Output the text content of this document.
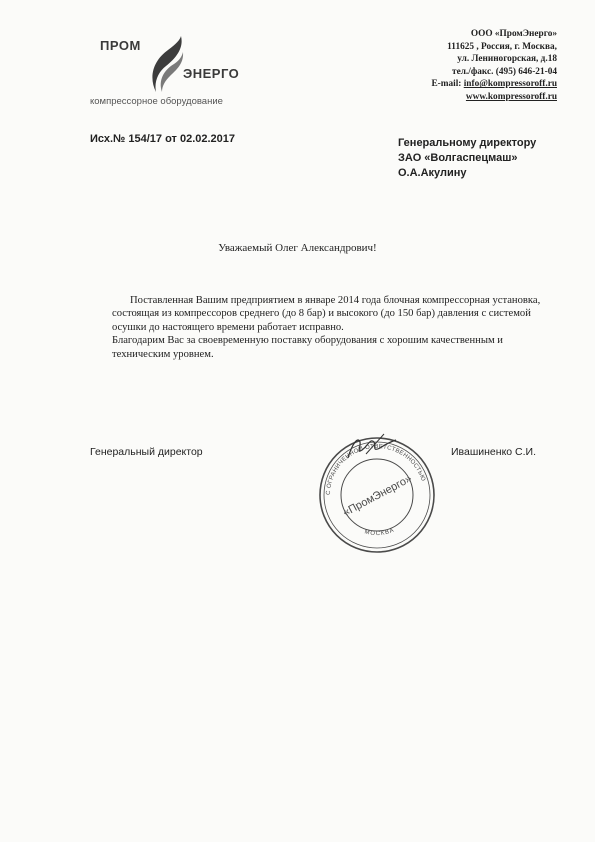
ПРОМ
ЭНЕРГО
компрессорное оборудование
ООО «ПромЭнерго»
111625 , Россия, г. Москва,
ул. Лениногорская, д.18
тел./факс. (495) 646-21-04
E-mail: info@kompressoroff.ru
www.kompressoroff.ru
Исх.№ 154/17 от 02.02.2017	Генеральному директору
ЗАО «Волгаспецмаш»
О.А.Акулину
Уважаемый Олег Александрович!

Поставленная Вашим предприятием в январе 2014 года блочная компрессорная установка, состоящая из компрессоров среднего (до 8 бар) и высокого (до 150 бар) давления с системой осушки до настоящего времени работает исправно.

Благодарим Вас за своевременную поставку оборудования с хорошим качественным и техническим уровнем.

Генеральный директор	Ивашиненко С.И.
С ОГРАНИЧЕННОЙ ОТВЕТСТВЕННОСТЬЮ
МОСКВА
«ПромЭнерго»
